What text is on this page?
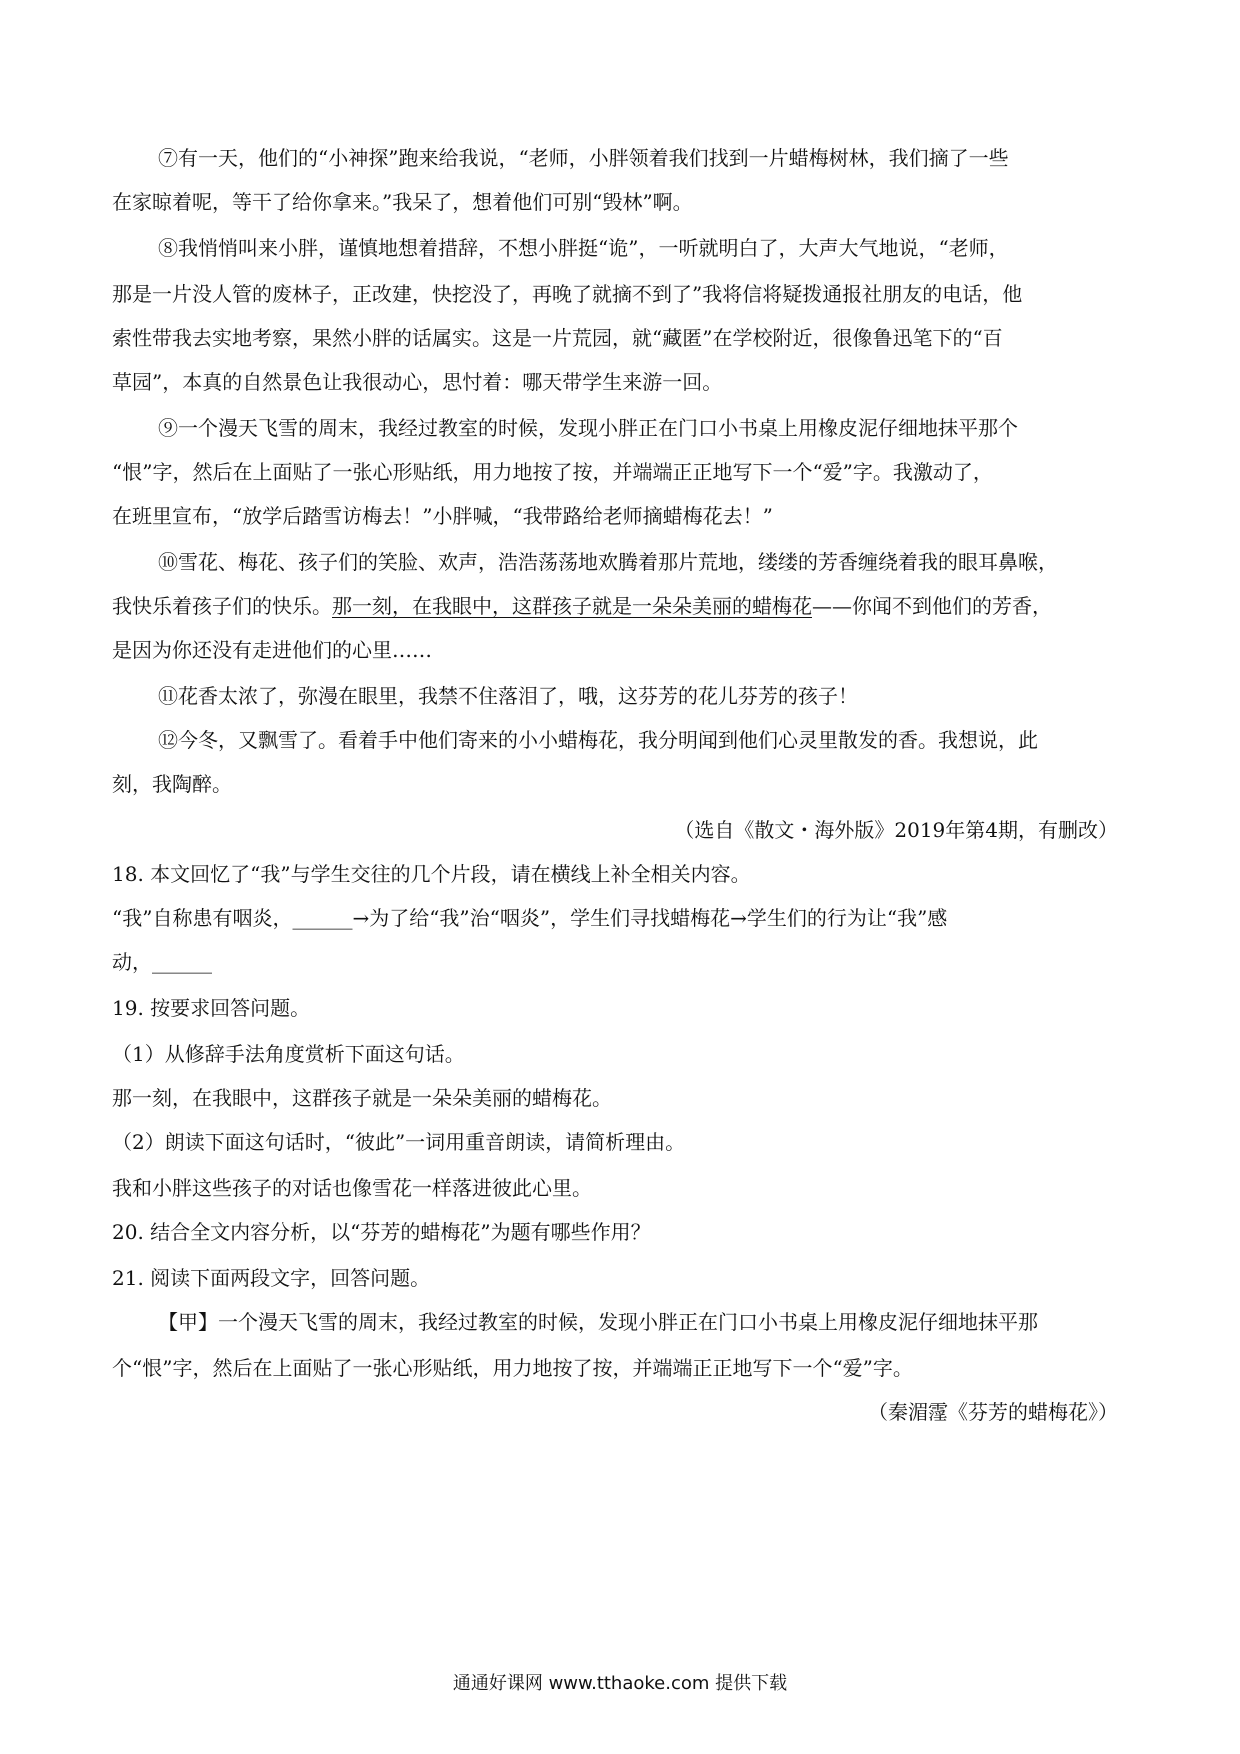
⑦有一天，他们的“小神探”跑来给我说，“老师，小胖领着我们找到一片蜡梅树林，我们摘了一些
在家晾着呢，等干了给你拿来。”我呆了，想着他们可别“毁林”啊。
⑧我悄悄叫来小胖，谨慎地想着措辞，不想小胖挺“诡”，一听就明白了，大声大气地说，“老师，
那是一片没人管的废林子，正改建，快挖没了，再晚了就摘不到了”我将信将疑拨通报社朋友的电话，他
索性带我去实地考察，果然小胖的话属实。这是一片荒园，就“藏匿”在学校附近，很像鲁迅笔下的“百
草园”，本真的自然景色让我很动心，思忖着：哪天带学生来游一回。
⑨一个漫天飞雪的周末，我经过教室的时候，发现小胖正在门口小书桌上用橡皮泥仔细地抹平那个
“恨”字，然后在上面贴了一张心形贴纸，用力地按了按，并端端正正地写下一个“爱”字。我激动了，
在班里宣布，“放学后踏雪访梅去！”小胖喊，“我带路给老师摘蜡梅花去！”
⑩雪花、梅花、孩子们的笑脸、欢声，浩浩荡荡地欢腾着那片荒地，缕缕的芳香缠绕着我的眼耳鼻喉，
我快乐着孩子们的快乐。那一刻，在我眼中，这群孩子就是一朵朵美丽的蜡梅花——你闻不到他们的芳香，
是因为你还没有走进他们的心里……
⑪花香太浓了，弥漫在眼里，我禁不住落泪了，哦，这芬芳的花儿芬芳的孩子！
⑫今冬，又飘雪了。看着手中他们寄来的小小蜡梅花，我分明闻到他们心灵里散发的香。我想说，此
刻，我陶醉。
（选自《散文・海外版》2019年第4期，有删改）
18. 本文回忆了“我”与学生交往的几个片段，请在横线上补全相关内容。
“我”自称患有咽炎，______→为了给“我”治“咽炎”，学生们寻找蜡梅花→学生们的行为让“我”感
动，______
19. 按要求回答问题。
（1）从修辞手法角度赏析下面这句话。
那一刻，在我眼中，这群孩子就是一朵朵美丽的蜡梅花。
（2）朗读下面这句话时，“彼此”一词用重音朗读，请简析理由。
我和小胖这些孩子的对话也像雪花一样落进彼此心里。
20. 结合全文内容分析，以“芬芳的蜡梅花”为题有哪些作用？
21. 阅读下面两段文字，回答问题。
【甲】一个漫天飞雪的周末，我经过教室的时候，发现小胖正在门口小书桌上用橡皮泥仔细地抹平那
个“恨”字，然后在上面贴了一张心形贴纸，用力地按了按，并端端正正地写下一个“爱”字。
（秦湄霪《芬芳的蜡梅花》）
通通好课网 www.tthaoke.com 提供下载
